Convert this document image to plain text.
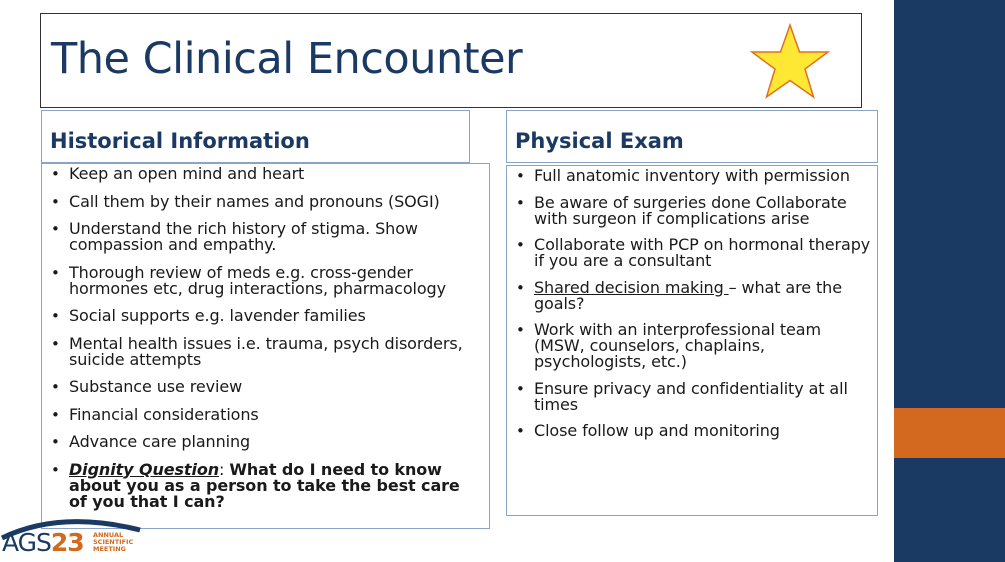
The Clinical Encounter
Historical Information	Physical Exam
• Keep an open mind and heart
• Call them by their names and pronouns (SOGI)
• Understand the rich history of stigma. Show compassion and empathy.
• Thorough review of meds e.g. cross-gender hormones etc, drug interactions, pharmacology
• Social supports e.g. lavender families
• Mental health issues i.e. trauma, psych disorders, suicide attempts
• Substance use review
• Financial considerations
• Advance care planning
• Dignity Question: What do I need to know about you as a person to take the best care of you that I can?
• Full anatomic inventory with permission
• Be aware of surgeries done Collaborate with surgeon if complications arise
• Collaborate with PCP on hormonal therapy if you are a consultant
• Shared decision making – what are the goals?
• Work with an interprofessional team (MSW, counselors, chaplains, psychologists, etc.)
• Ensure privacy and confidentiality at all times
• Close follow up and monitoring
AGS23 ANNUAL
SCIENTIFIC
MEETING
